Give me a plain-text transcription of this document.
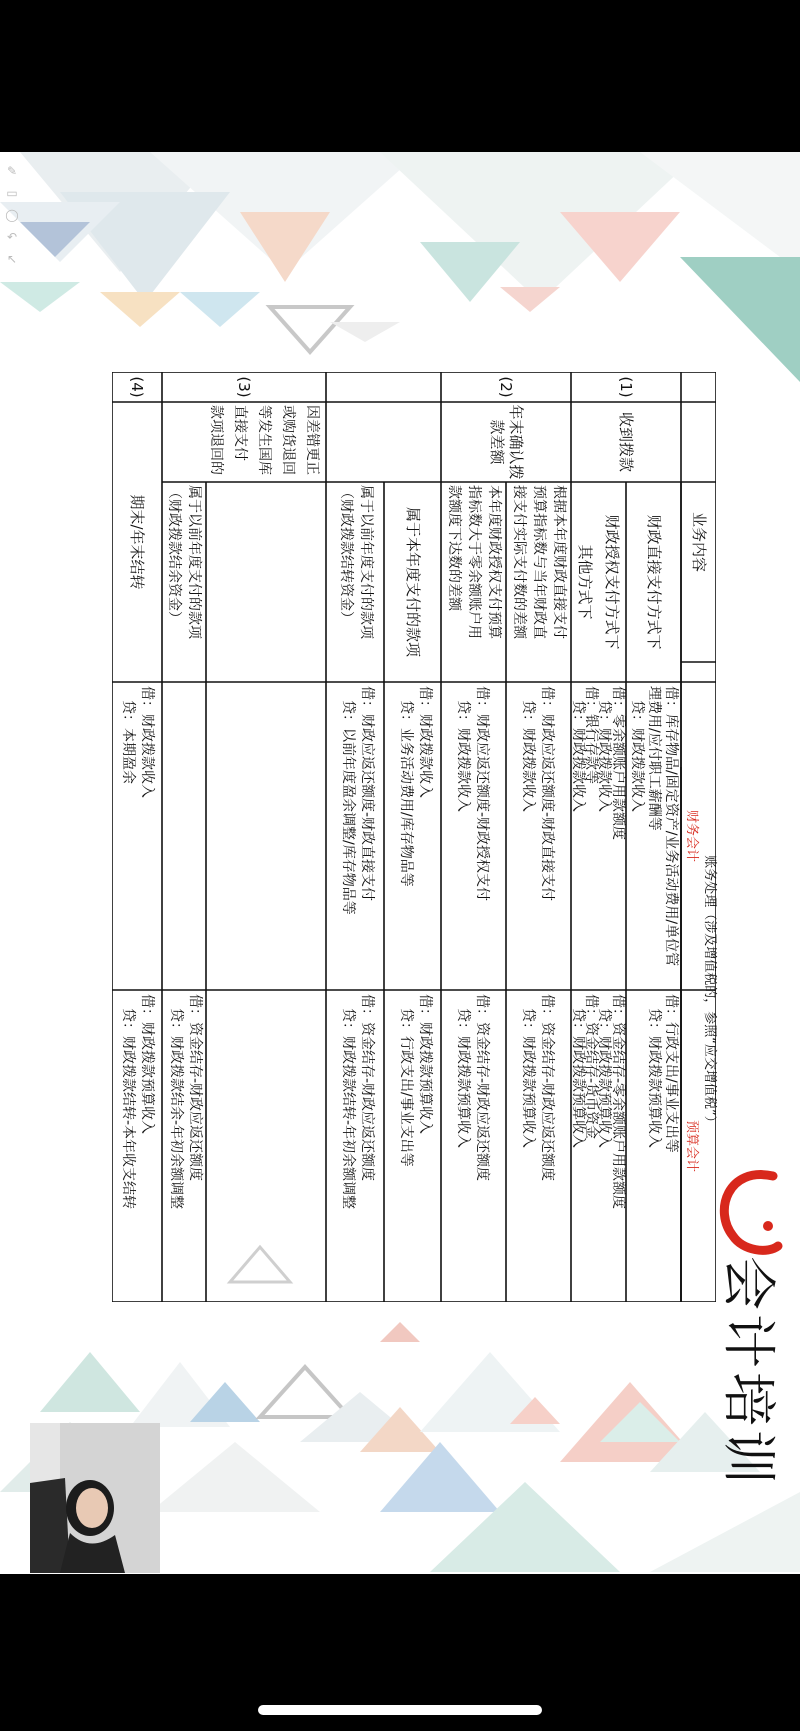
✎
▭
◯
↶
↖
业务内容
账务处理（涉及增值税的，参照“应交增值税”）
财务会计
预算会计
(1)
收到拨款
财政直接支付方式下
借：库存物品/固定资产/业务活动费用/单位管
理费用/应付职工薪酬等
　贷：财政拨款收入
借：行政支出/事业支出等
　贷：财政拨款预算收入
财政授权支付方式下
借：零余额账户用款额度
　贷：财政拨款收入
借：资金结存-零余额账户用款额度
　贷：财政拨款预算收入
其他方式下
借：银行存款等
　贷：财政拨款收入
借：资金结存-货币资金
　贷：财政拨款预算收入
(2)
年末确认拨
款差额
根据本年度财政直接支付
预算指标数与当年财政直
接支付实际支付数的差额
借：财政应返还额度-财政直接支付
　贷：财政拨款收入
借：资金结存-财政应返还额度
　贷：财政拨款预算收入
本年度财政授权支付预算
指标数大于零余额账户用
款额度下达数的差额
借：财政应返还额度-财政授权支付
　贷：财政拨款收入
借：资金结存-财政应返还额度
　贷：财政拨款预算收入
(3)
因差错更正
或购货退回
等发生国库
直接支付
款项退回的
属于本年度支付的款项
借：财政拨款收入
　贷：业务活动费用/库存物品等
借：财政拨款预算收入
　贷：行政支出/事业支出等
属于以前年度支付的款项
（财政拨款结转资金）
借：财政应返还额度-财政直接支付
　贷：以前年度盈余调整/库存物品等
借：资金结存-财政应返还额度
　贷：财政拨款结转-年初余额调整
属于以前年度支付的款项
（财政拨款结余资金）
借：资金结存-财政应返还额度
　贷：财政拨款结余-年初余额调整
(4)
期末/年末结转
借：财政拨款收入
　贷：本期盈余
借：财政拨款预算收入
　贷：财政拨款结转-本年收支结转
会计培训
